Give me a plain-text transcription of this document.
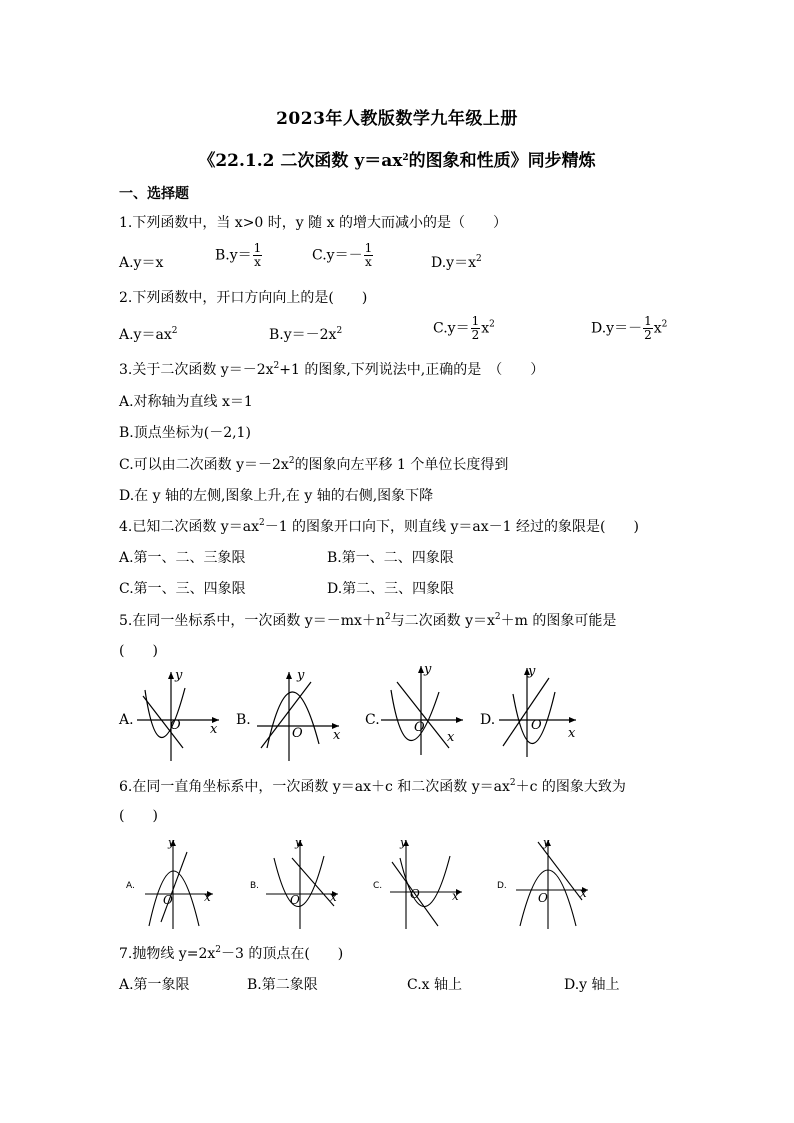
2023年人教版数学九年级上册
《22.1.2 二次函数 $y=ax^2$的图象和性质》同步精炼
一、选择题
1.下列函数中，当 x>0 时，y 随 x 的增大而减小的是（　　）
A.y＝x	$B.y= \frac{1}{x}$	$C.y=- \frac{1}{x}$	$D.y=x^2$
2.下列函数中，开口方向向上的是(　　)
$A.y=ax^2$	$B.y=-2x^2$	$C.y= \frac{1}{2} x^2$	$D.y=- \frac{1}{2} x^2$
3.关于二次函数 $y=-2x^2+1$ 的图象,下列说法中,正确的是　（　　）
A.对称轴为直线 x＝1
B.顶点坐标为(－2,1)
C.可以由二次函数 $y=-2x^2$的图象向左平移 1 个单位长度得到
D.在 y 轴的左侧,图象上升,在 y 轴的右侧,图象下降
4.已知二次函数 $y=ax^2-1$ 的图象开口向下，则直线 y＝ax－1 经过的象限是(　　)
A.第一、二、三象限	B.第一、二、四象限
C.第一、三、四象限	D.第二、三、四象限
5.在同一坐标系中，一次函数 $y=-mx+n^2$与二次函数 $y=x^2+m$ 的图象可能是
(　　)
A.
y
x
O	B.
y
x
O
C.
y
x
O	D.
y
x
O
6.在同一直角坐标系中，一次函数 y＝ax＋c 和二次函数 $y=ax^2+c$ 的图象大致为
(　　)
A.
y
x
O
B.
y
x
O
C.
y
x
O
D.
y
x
O
7.抛物线 $y=2x^2-3$ 的顶点在(　　)
A.第一象限	B.第二象限	C.x 轴上	D.y 轴上
